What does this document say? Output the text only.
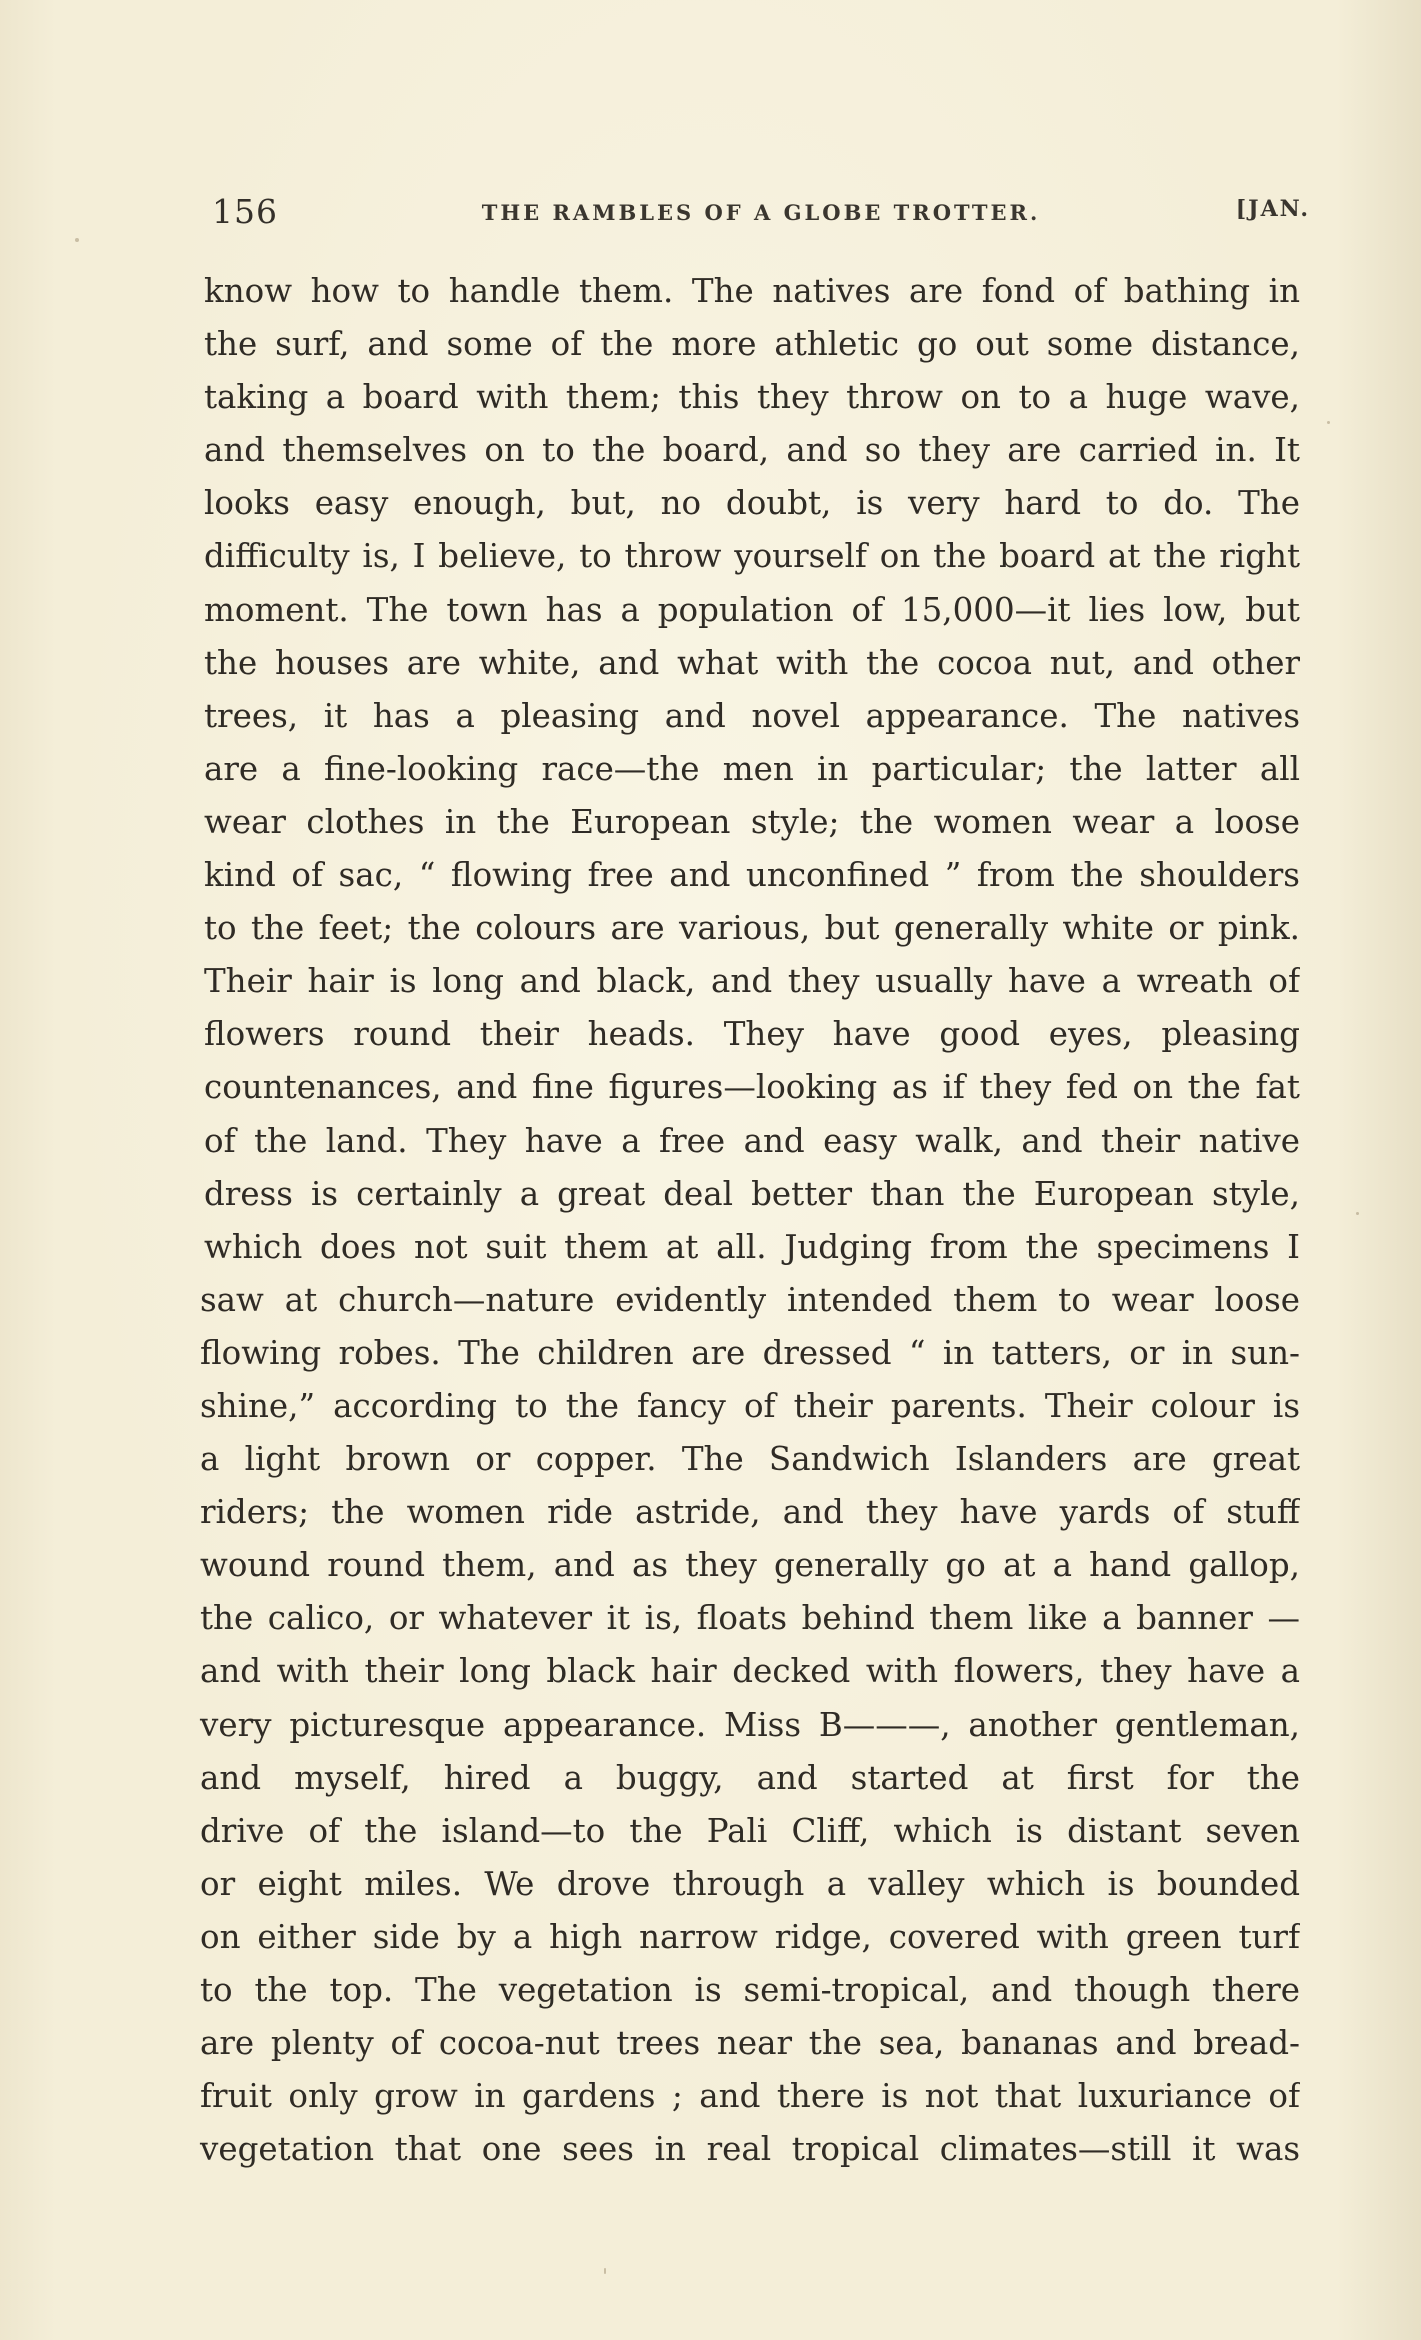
156	THE RAMBLES OF A GLOBE TROTTER.	[JAN.
know how to handle them. The natives are fond of bathing in
the surf, and some of the more athletic go out some distance,
taking a board with them; this they throw on to a huge wave,
and themselves on to the board, and so they are carried in. It
looks easy enough, but, no doubt, is very hard to do. The
difficulty is, I believe, to throw yourself on the board at the right
moment. The town has a population of 15,000—it lies low, but
the houses are white, and what with the cocoa nut, and other
trees, it has a pleasing and novel appearance. The natives
are a fine-looking race—the men in particular; the latter all
wear clothes in the European style; the women wear a loose
kind of sac, “ flowing free and unconfined ” from the shoulders
to the feet; the colours are various, but generally white or pink.
Their hair is long and black, and they usually have a wreath of
flowers round their heads. They have good eyes, pleasing
countenances, and fine figures—looking as if they fed on the fat
of the land. They have a free and easy walk, and their native
dress is certainly a great deal better than the European style,
which does not suit them at all. Judging from the specimens I
saw at church—nature evidently intended them to wear loose
flowing robes. The children are dressed “ in tatters, or in sun-
shine,” according to the fancy of their parents. Their colour is
a light brown or copper. The Sandwich Islanders are great
riders; the women ride astride, and they have yards of stuff
wound round them, and as they generally go at a hand gallop,
the calico, or whatever it is, floats behind them like a banner —
and with their long black hair decked with flowers, they have a
very picturesque appearance. Miss B———, another gentleman,
and myself, hired a buggy, and started at first for the
drive of the island—to the Pali Cliff, which is distant seven
or eight miles. We drove through a valley which is bounded
on either side by a high narrow ridge, covered with green turf
to the top. The vegetation is semi-tropical, and though there
are plenty of cocoa-nut trees near the sea, bananas and bread-
fruit only grow in gardens ; and there is not that luxuriance of
vegetation that one sees in real tropical climates—still it was
